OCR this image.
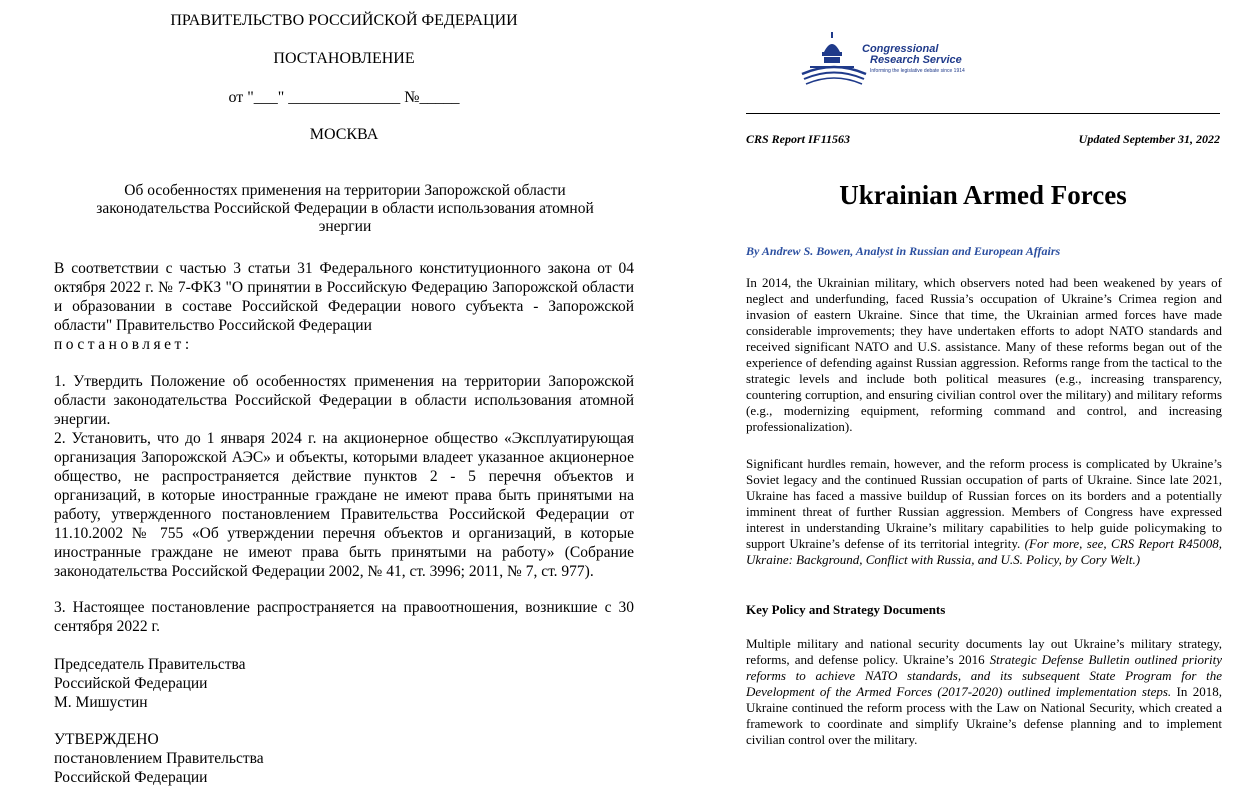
ПРАВИТЕЛЬСТВО РОССИЙСКОЙ ФЕДЕРАЦИИ
ПОСТАНОВЛЕНИЕ
от "___" ______________ №_____
МОСКВА
Об особенностях применения на территории Запорожской области
законодательства Российской Федерации в области использования атомной
энергии
В соответствии с частью 3 статьи 31 Федерального конституционного закона от 04 октября 2022 г. № 7-ФКЗ "О принятии в Российскую Федерацию Запорожской области и образовании в составе Российской Федерации нового субъекта - Запорожской области" Правительство Российской Федерации
постановляет:
1. Утвердить Положение об особенностях применения на территории Запорожской области законодательства Российской Федерации в области использования атомной энергии.
2. Установить, что до 1 января 2024 г. на акционерное общество «Эксплуатирующая организация Запорожской АЭС» и объекты, которыми владеет указанное акционерное общество, не распространяется действие пунктов 2 - 5 перечня объектов и организаций, в которые иностранные граждане не имеют права быть принятыми на работу, утвержденного постановлением Правительства Российской Федерации от 11.10.2002 № 755 «Об утверждении перечня объектов и организаций, в которые иностранные граждане не имеют права быть принятыми на работу» (Собрание законодательства Российской Федерации 2002, № 41, ст. 3996; 2011, № 7, ст. 977).
3. Настоящее постановление распространяется на правоотношения, возникшие с 30 сентября 2022 г.
Председатель Правительства
Российской Федерации
М. Мишустин
УТВЕРЖДЕНО
постановлением Правительства
Российской Федерации
Congressional
Research Service
Informing the legislative debate since 1914
CRS Report IF11563	Updated September 31, 2022
Ukrainian Armed Forces
By Andrew S. Bowen, Analyst in Russian and European Affairs
In 2014, the Ukrainian military, which observers noted had been weakened by years of neglect and underfunding, faced Russia’s occupation of Ukraine’s Crimea region and invasion of eastern Ukraine. Since that time, the Ukrainian armed forces have made considerable improvements; they have undertaken efforts to adopt NATO standards and received significant NATO and U.S. assistance. Many of these reforms began out of the experience of defending against Russian aggression. Reforms range from the tactical to the strategic levels and include both political measures (e.g., increasing transparency, countering corruption, and ensuring civilian control over the military) and military reforms (e.g., modernizing equipment, reforming command and control, and increasing professionalization).
Significant hurdles remain, however, and the reform process is complicated by Ukraine’s Soviet legacy and the continued Russian occupation of parts of Ukraine. Since late 2021, Ukraine has faced a massive buildup of Russian forces on its borders and a potentially imminent threat of further Russian aggression. Members of Congress have expressed interest in understanding Ukraine’s military capabilities to help guide policymaking to support Ukraine’s defense of its territorial integrity. (For more, see, CRS Report R45008, Ukraine: Background, Conflict with Russia, and U.S. Policy, by Cory Welt.)
Key Policy and Strategy Documents
Multiple military and national security documents lay out Ukraine’s military strategy, reforms, and defense policy. Ukraine’s 2016 Strategic Defense Bulletin outlined priority reforms to achieve NATO standards, and its subsequent State Program for the Development of the Armed Forces (2017-2020) outlined implementation steps. In 2018, Ukraine continued the reform process with the Law on National Security, which created a framework to coordinate and simplify Ukraine’s defense planning and to implement civilian control over the military.
